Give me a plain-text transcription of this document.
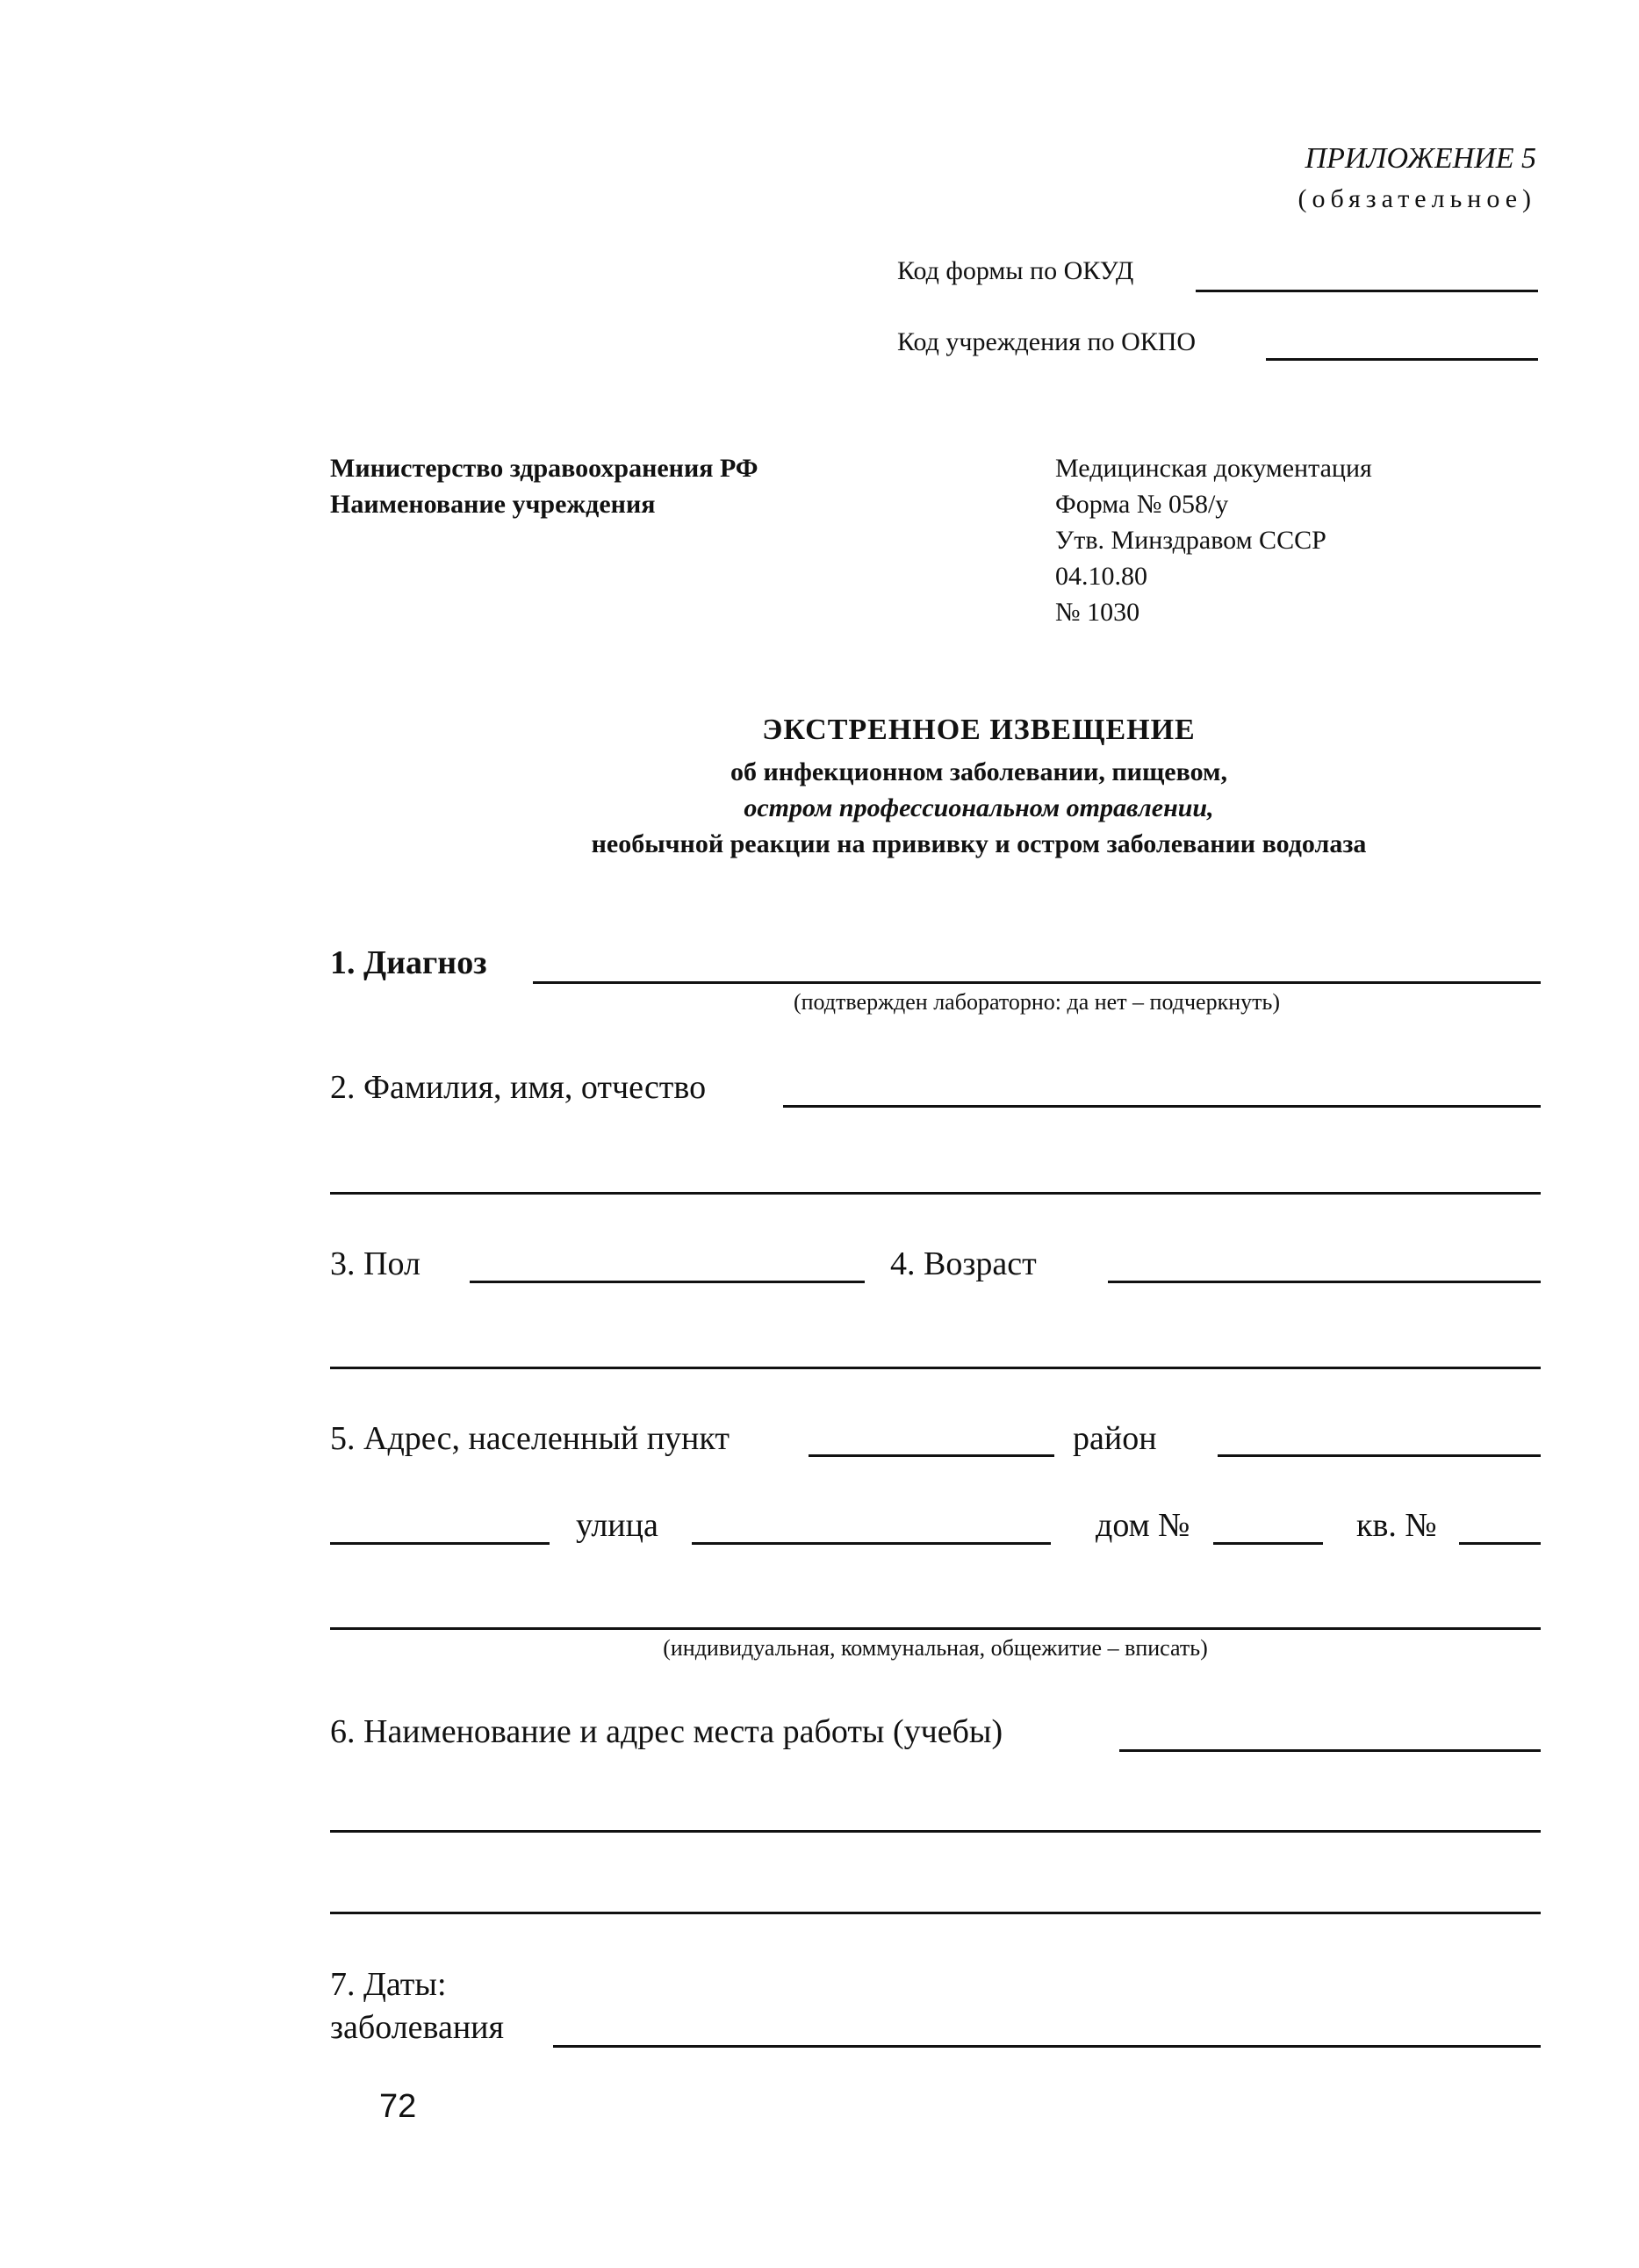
ПРИЛОЖЕНИЕ 5
(обязательное)
Код формы по ОКУД
Код учреждения по ОКПО
Министерство здравоохранения РФ
Наименование учреждения
Медицинская документация
Форма № 058/у
Утв. Минздравом СССР
04.10.80
№ 1030
ЭКСТРЕННОЕ ИЗВЕЩЕНИЕ
об инфекционном заболевании, пищевом,
остром профессиональном отравлении,
необычной реакции на прививку и остром заболевании водолаза
1. Диагноз
(подтвержден лабораторно: да нет – подчеркнуть)
2. Фамилия, имя, отчество
3. Пол	4. Возраст
5. Адрес, населенный пункт	район
улица	дом №	кв. №
(индивидуальная, коммунальная, общежитие – вписать)
6. Наименование и адрес места работы (учебы)
7. Даты:
заболевания
72
